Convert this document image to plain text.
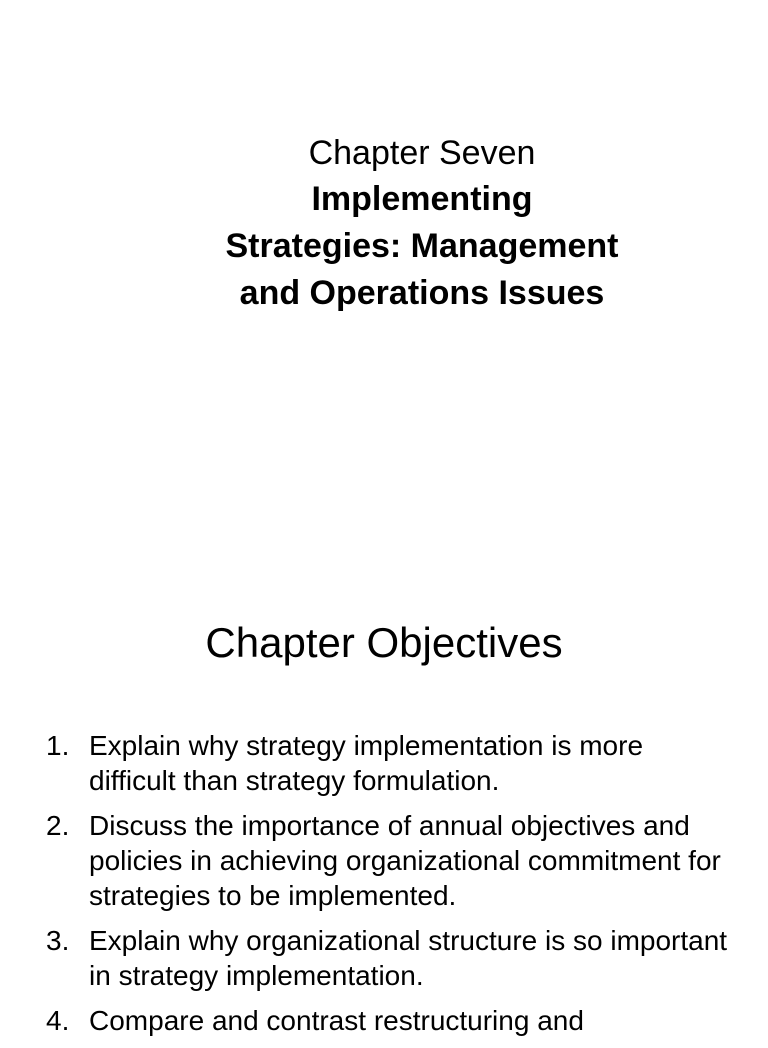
Chapter Seven
Implementing
Strategies: Management
and Operations Issues
Chapter Objectives
1. Explain why strategy implementation is more difficult than strategy formulation.
2. Discuss the importance of annual objectives and policies in achieving organizational commitment for strategies to be implemented.
3. Explain why organizational structure is so important in strategy implementation.
4. Compare and contrast restructuring and
